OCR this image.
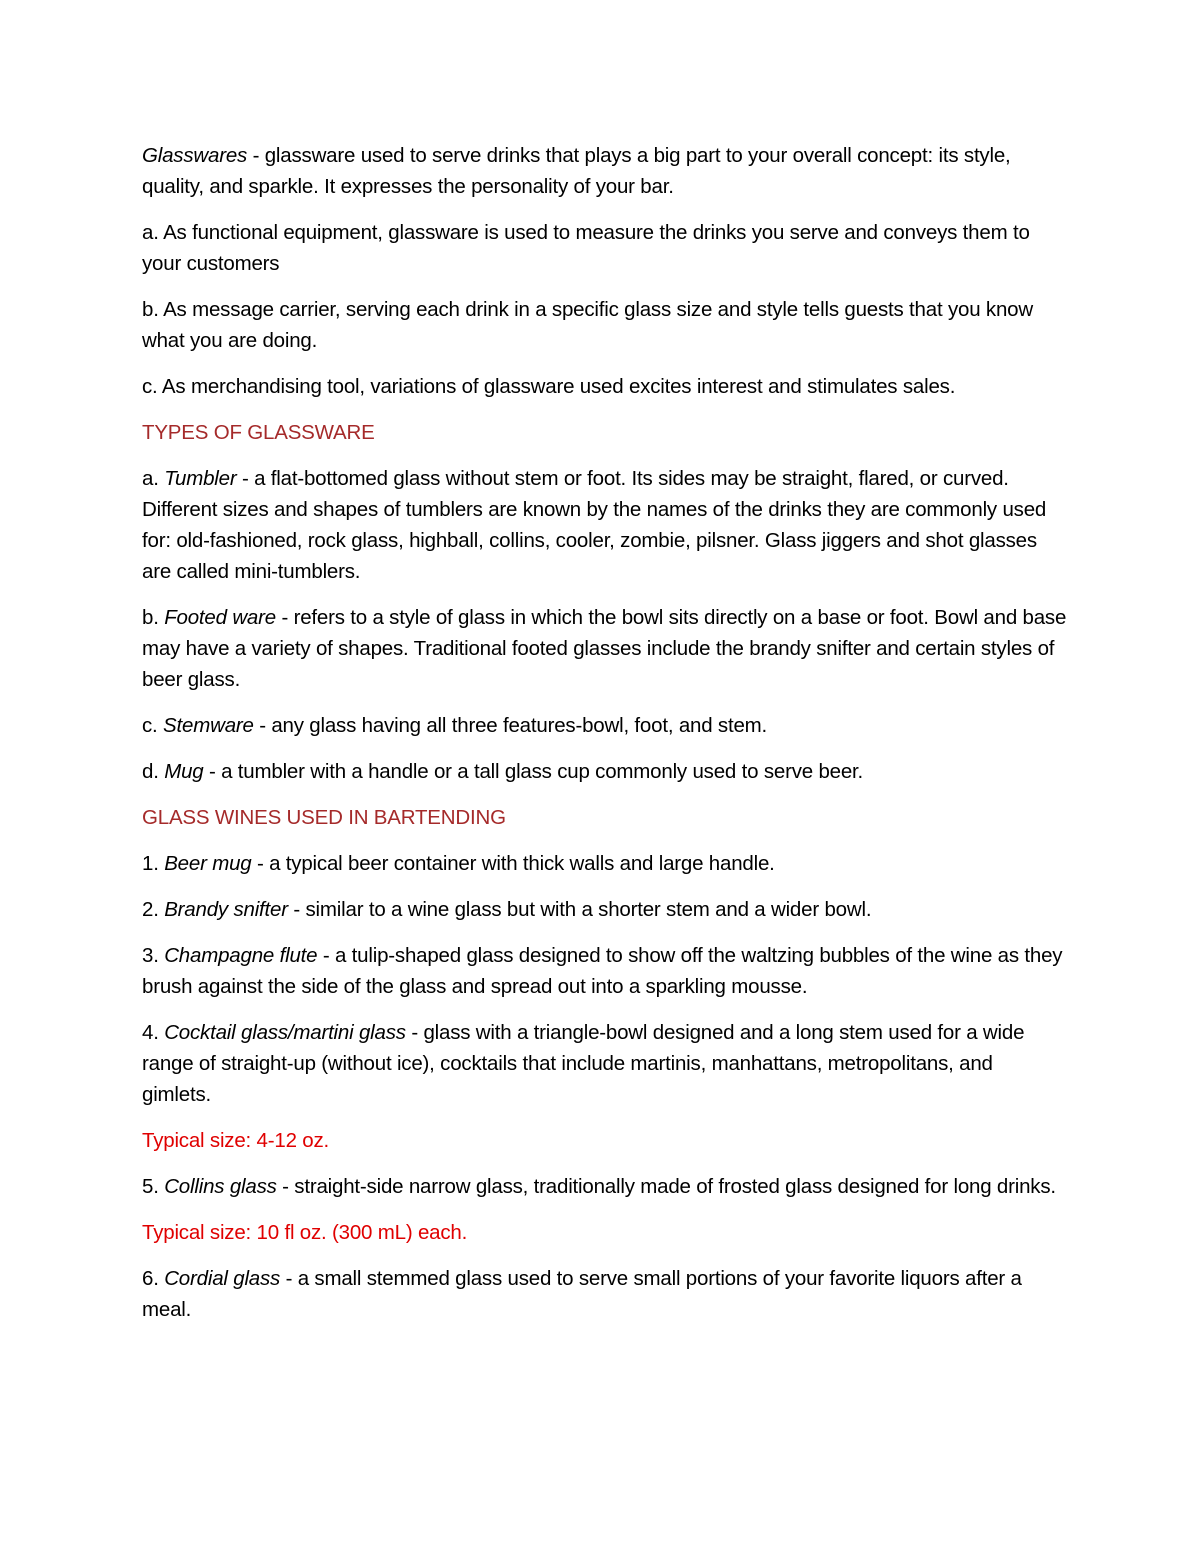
Glasswares - glassware used to serve drinks that plays a big part to your overall concept: its style, quality, and sparkle. It expresses the personality of your bar.

a. As functional equipment, glassware is used to measure the drinks you serve and conveys them to your customers

b. As message carrier, serving each drink in a specific glass size and style tells guests that you know what you are doing.

c. As merchandising tool, variations of glassware used excites interest and stimulates sales.

TYPES OF GLASSWARE

a. Tumbler - a flat-bottomed glass without stem or foot. Its sides may be straight, flared, or curved. Different sizes and shapes of tumblers are known by the names of the drinks they are commonly used for: old-fashioned, rock glass, highball, collins, cooler, zombie, pilsner. Glass jiggers and shot glasses are called mini-tumblers.

b. Footed ware - refers to a style of glass in which the bowl sits directly on a base or foot. Bowl and base may have a variety of shapes. Traditional footed glasses include the brandy snifter and certain styles of beer glass.

c. Stemware - any glass having all three features-bowl, foot, and stem.

d. Mug - a tumbler with a handle or a tall glass cup commonly used to serve beer.

GLASS WINES USED IN BARTENDING

1. Beer mug - a typical beer container with thick walls and large handle.

2. Brandy snifter - similar to a wine glass but with a shorter stem and a wider bowl.

3. Champagne flute - a tulip-shaped glass designed to show off the waltzing bubbles of the wine as they brush against the side of the glass and spread out into a sparkling mousse.

4. Cocktail glass/martini glass - glass with a triangle-bowl designed and a long stem used for a wide range of straight-up (without ice), cocktails that include martinis, manhattans, metropolitans, and gimlets.

Typical size: 4-12 oz.

5. Collins glass - straight-side narrow glass, traditionally made of frosted glass designed for long drinks.

Typical size: 10 fl oz. (300 mL) each.

6. Cordial glass - a small stemmed glass used to serve small portions of your favorite liquors after a meal.
